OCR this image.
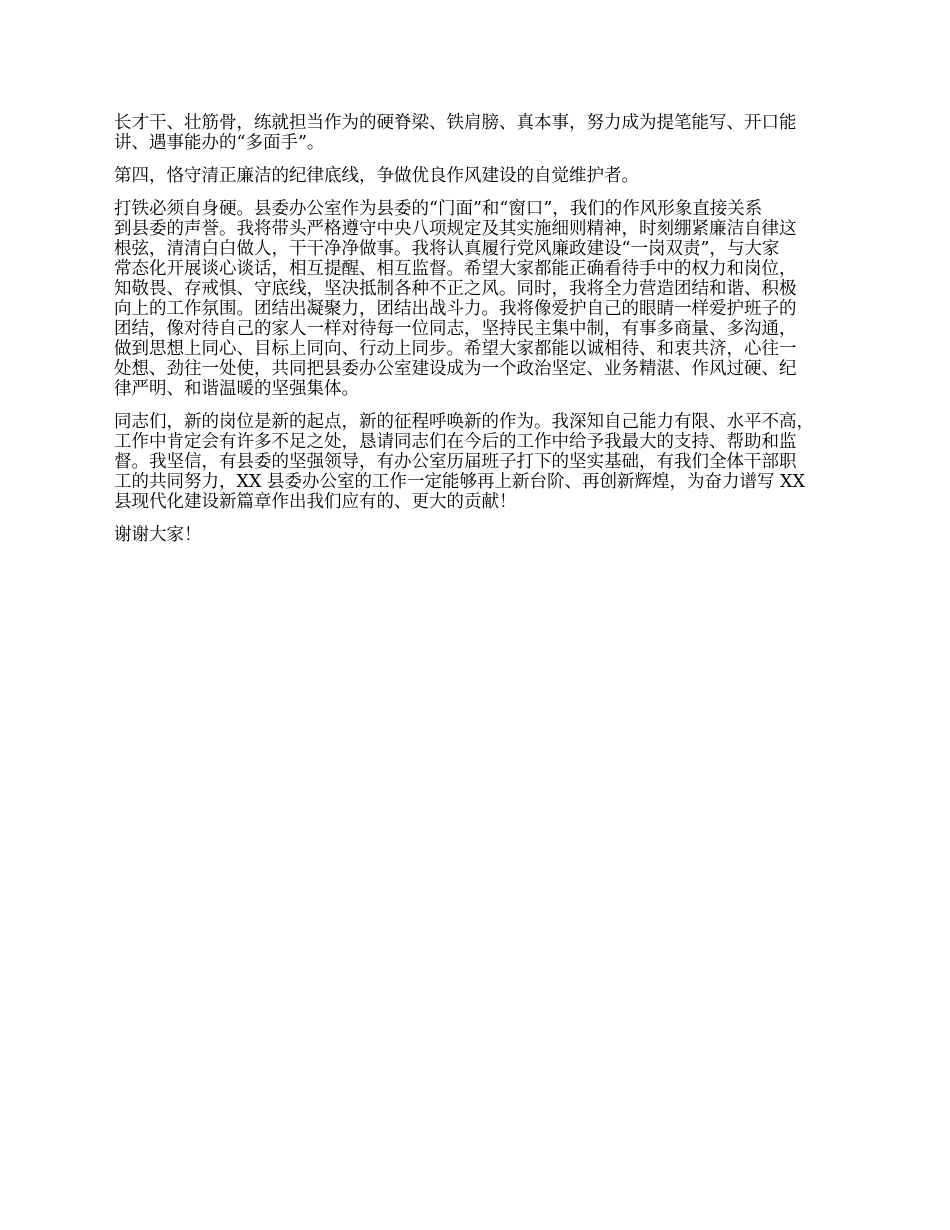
长才干、壮筋骨，练就担当作为的硬脊梁、铁肩膀、真本事，努力成为提笔能写、开口能
讲、遇事能办的“多面手”。

第四，恪守清正廉洁的纪律底线，争做优良作风建设的自觉维护者。

打铁必须自身硬。县委办公室作为县委的“门面”和“窗口”，我们的作风形象直接关系
到县委的声誉。我将带头严格遵守中央八项规定及其实施细则精神，时刻绷紧廉洁自律这
根弦，清清白白做人，干干净净做事。我将认真履行党风廉政建设“一岗双责”，与大家
常态化开展谈心谈话，相互提醒、相互监督。希望大家都能正确看待手中的权力和岗位，
知敬畏、存戒惧、守底线，坚决抵制各种不正之风。同时，我将全力营造团结和谐、积极
向上的工作氛围。团结出凝聚力，团结出战斗力。我将像爱护自己的眼睛一样爱护班子的
团结，像对待自己的家人一样对待每一位同志，坚持民主集中制，有事多商量、多沟通，
做到思想上同心、目标上同向、行动上同步。希望大家都能以诚相待、和衷共济，心往一
处想、劲往一处使，共同把县委办公室建设成为一个政治坚定、业务精湛、作风过硬、纪
律严明、和谐温暖的坚强集体。

同志们，新的岗位是新的起点，新的征程呼唤新的作为。我深知自己能力有限、水平不高，
工作中肯定会有许多不足之处，恳请同志们在今后的工作中给予我最大的支持、帮助和监
督。我坚信，有县委的坚强领导，有办公室历届班子打下的坚实基础，有我们全体干部职
工的共同努力，XX 县委办公室的工作一定能够再上新台阶、再创新辉煌，为奋力谱写 XX
县现代化建设新篇章作出我们应有的、更大的贡献！

谢谢大家！
